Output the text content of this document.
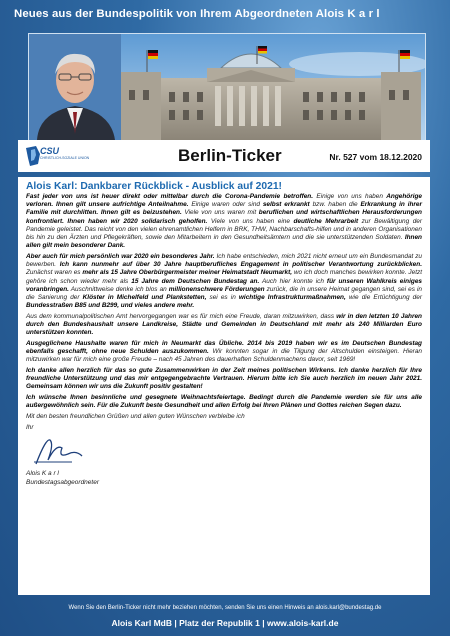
Neues aus der Bundespolitik von Ihrem Abgeordneten Alois K a r l
CSU
CHRISTLICH-SOZIALE UNION	Berlin-Ticker	Nr. 527 vom 18.12.2020
Alois Karl: Dankbarer Rückblick - Ausblick auf 2021!

Fast jeder von uns ist heuer direkt oder mittelbar durch die Corona-Pandemie betroffen. Einige von uns haben Angehörige verloren. Ihnen gilt unsere aufrichtige Anteilnahme. Einige waren oder sind selbst erkrankt bzw. haben die Erkrankung in ihrer Familie mit durchlitten. Ihnen gilt es beizustehen. Viele von uns waren mit beruflichen und wirtschaftlichen Herausforderungen konfrontiert. Ihnen haben wir 2020 solidarisch geholfen. Viele von uns haben eine deutliche Mehrarbeit zur Bewältigung der Pandemie geleistet. Das reicht von den vielen ehrenamtlichen Helfern in BRK, THW, Nachbarschafts-hilfen und in anderen Organisationen bis hin zu den Ärzten und Pflegekräften, sowie den Mitarbeitern in den Gesundheitsämtern und die sie unterstützenden Soldaten. Ihnen allen gilt mein besonderer Dank.

Aber auch für mich persönlich war 2020 ein besonderes Jahr. Ich habe entschieden, mich 2021 nicht erneut um ein Bundesmandat zu bewerben. Ich kann nunmehr auf über 30 Jahre hauptberufliches Engagement in politischer Verantwortung zurückblicken. Zunächst waren es mehr als 15 Jahre Oberbürgermeister meiner Heimatstadt Neumarkt, wo ich doch manches bewirken konnte. Jetzt gehöre ich schon wieder mehr als 15 Jahre dem Deutschen Bundestag an. Auch hier konnte ich für unseren Wahlkreis einiges voranbringen. Auschnittweise denke ich blos an millionenschwere Förderungen zurück, die in unsere Heimat gegangen sind, sei es in die Sanierung der Klöster in Michelfeld und Plankstetten, sei es in wichtige Infrastrukturmaßnahmen, wie die Ertüchtigung der Bundesstraßen B85 und B299, und vieles andere mehr.

Aus dem kommunalpolitischen Amt hervorgegangen war es für mich eine Freude, daran mitzuwirken, dass wir in den letzten 10 Jahren durch den Bundeshaushalt unsere Landkreise, Städte und Gemeinden in Deutschland mit mehr als 240 Milliarden Euro unterstützen konnten.

Ausgeglichene Haushalte waren für mich in Neumarkt das Übliche. 2014 bis 2019 haben wir es im Deutschen Bundestag ebenfalls geschafft, ohne neue Schulden auszukommen. Wir konnten sogar in die Tilgung der Altschulden einsteigen. Hieran mitzuwirken war für mich eine große Freude – nach 45 Jahren des dauerhaften Schuldenmachens davor, seit 1969!

Ich danke allen herzlich für das so gute Zusammenwirken in der Zeit meines politischen Wirkens. Ich danke herzlich für Ihre freundliche Unterstützung und das mir entgegengebrachte Vertrauen. Hierum bitte ich Sie auch herzlich im neuen Jahr 2021. Gemeinsam können wir uns die Zukunft positiv gestalten!

Ich wünsche Ihnen besinnliche und gesegnete Weihnachtsfeiertage. Bedingt durch die Pandemie werden sie für uns alle außergewöhnlich sein. Für die Zukunft beste Gesundheit und allen Erfolg bei Ihren Plänen und Gottes reichen Segen dazu.

Mit den besten freundlichen Grüßen und allen guten Wünschen verbleibe ich

Ihr

Alois K a r l

Bundestagsabgeordneter

Wenn Sie den Berlin-Ticker nicht mehr beziehen möchten, senden Sie uns einen Hinweis an alois.karl@bundestag.de
Alois Karl MdB | Platz der Republik 1 | www.alois-karl.de
